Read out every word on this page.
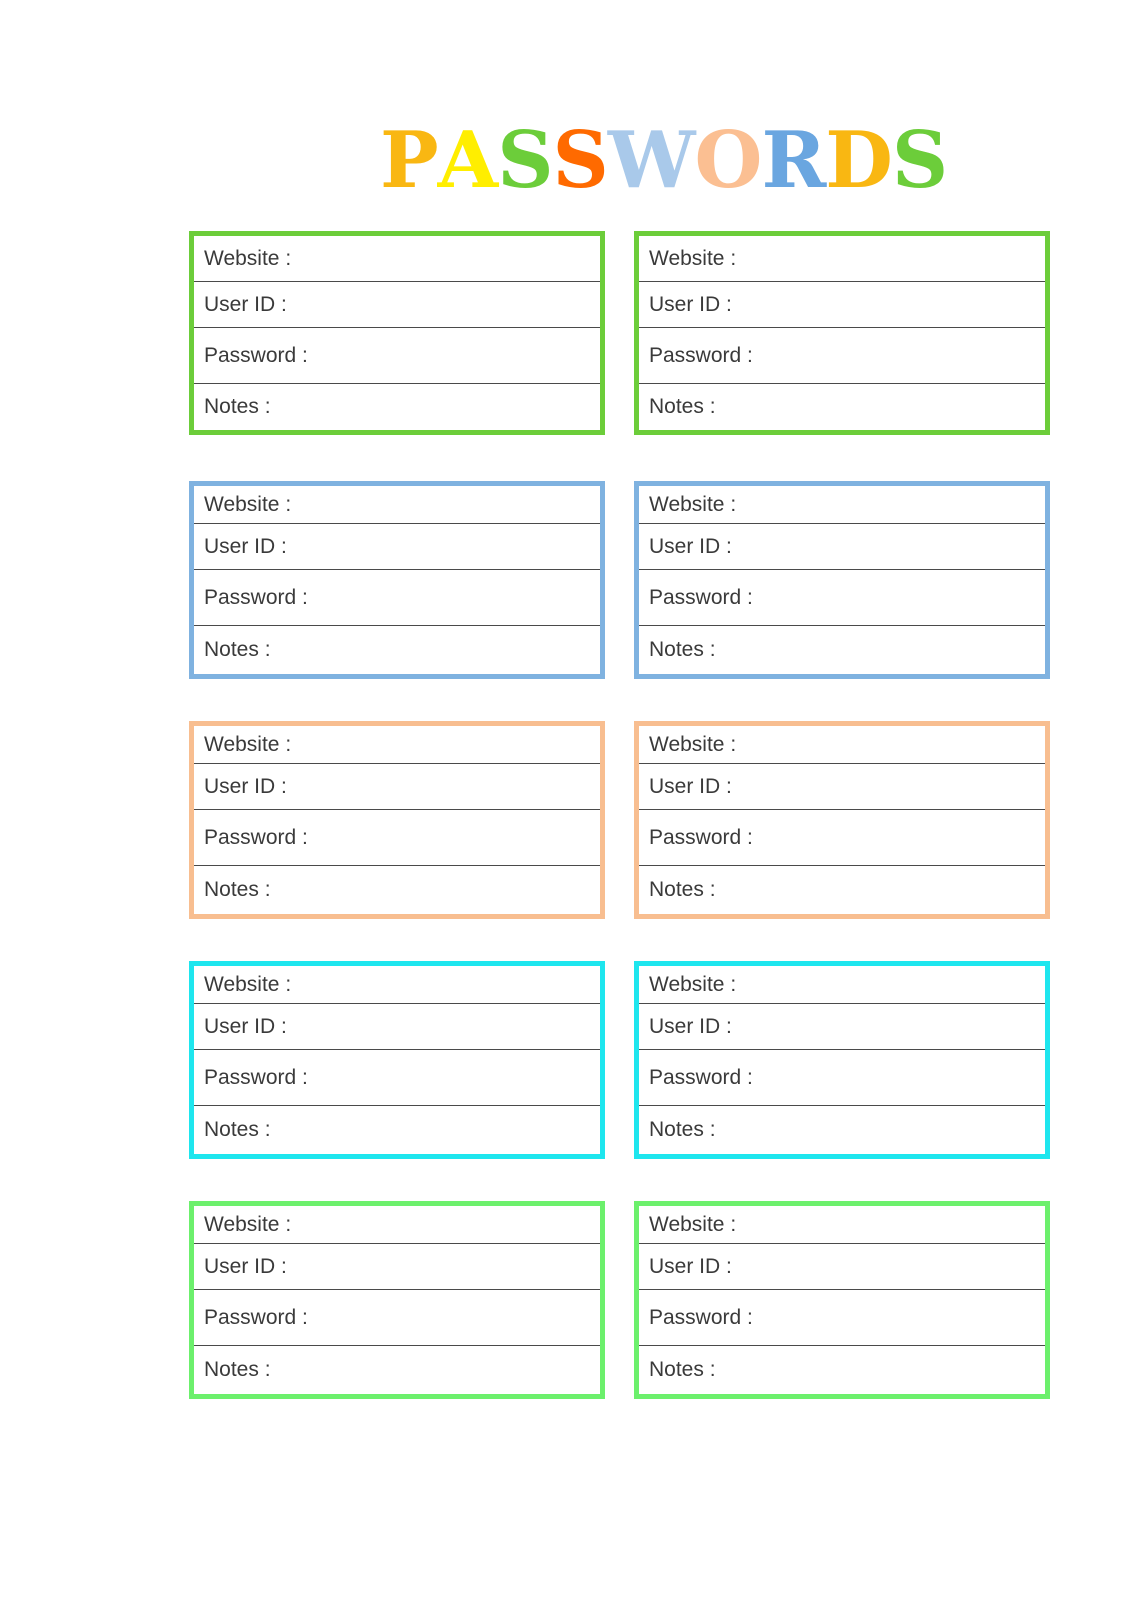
P A S S W O R D S
Website :
User ID :
Password :
Notes :
Website :
User ID :
Password :
Notes :
Website :
User ID :
Password :
Notes :
Website :
User ID :
Password :
Notes :
Website :
User ID :
Password :
Notes :
Website :
User ID :
Password :
Notes :
Website :
User ID :
Password :
Notes :
Website :
User ID :
Password :
Notes :
Website :
User ID :
Password :
Notes :
Website :
User ID :
Password :
Notes :
